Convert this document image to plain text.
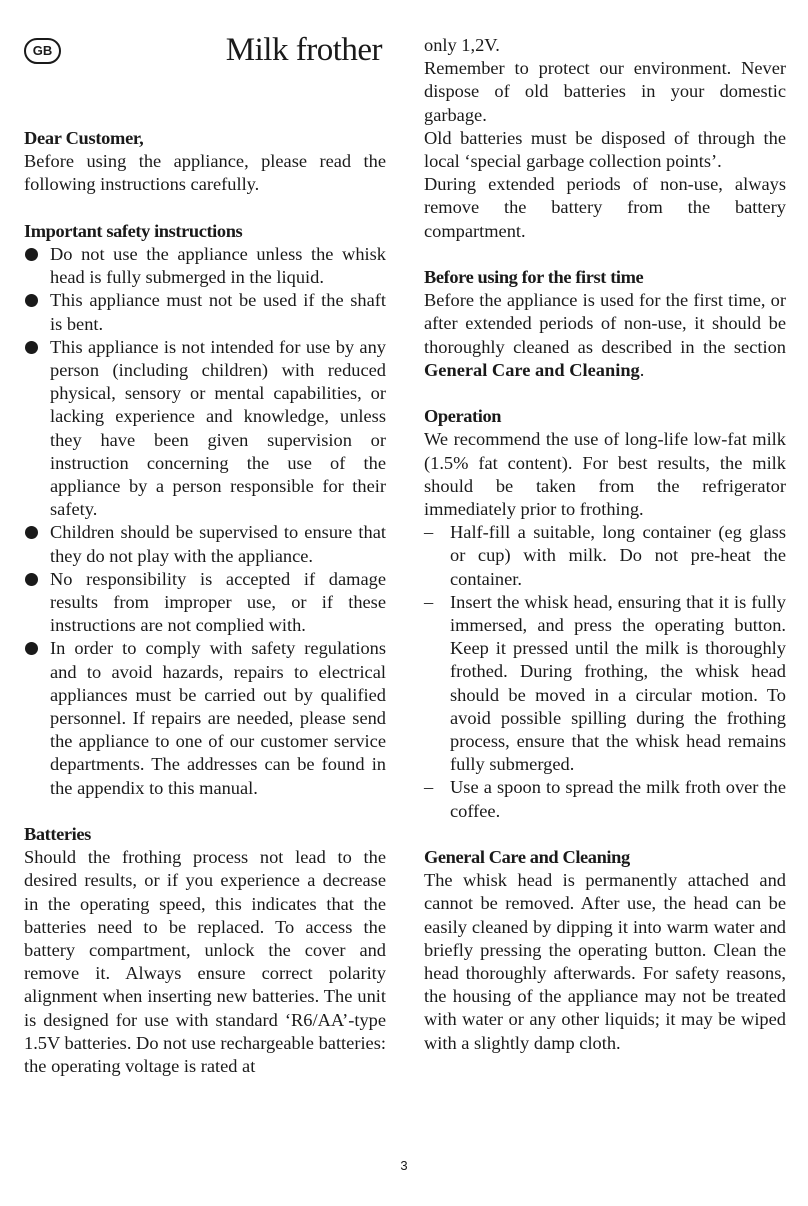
GB	Milk frother

Dear Customer,

Before using the appliance, please read the following instructions carefully.

Important safety instructions
Do not use the appliance unless the whisk head is fully submerged in the liquid.
This appliance must not be used if the shaft is bent.
This appliance is not intended for use by any person (including children) with reduced physical, sensory or mental capabilities, or lacking experience and knowledge, unless they have been given supervision or instruction concerning the use of the appliance by a person responsible for their safety.
Children should be supervised to ensure that they do not play with the appliance.
No responsibility is accepted if damage results from improper use, or if these instructions are not complied with.
In order to comply with safety regulations and to avoid hazards, repairs to electrical appliances must be carried out by qualified personnel. If repairs are needed, please send the appliance to one of our customer service departments. The addresses can be found in the appendix to this manual.
Batteries

Should the frothing process not lead to the desired results, or if you experience a decrease in the operating speed, this indicates that the batteries need to be replaced. To access the battery compartment, unlock the cover and remove it. Always ensure correct polarity alignment when inserting new batteries. The unit is designed for use with standard ‘R6/AA’-type 1.5V batteries. Do not use rechargeable batteries: the operating voltage is rated at

only 1,2V.

Remember to protect our environment. Never dispose of old batteries in your domestic garbage.

Old batteries must be disposed of through the local ‘special garbage collection points’.

During extended periods of non-use, always remove the battery from the battery compartment.

Before using for the first time

Before the appliance is used for the first time, or after extended periods of non-use, it should be thoroughly cleaned as described in the section General Care and Cleaning.

Operation

We recommend the use of long-life low-fat milk (1.5% fat content). For best results, the milk should be taken from the refrigerator immediately prior to frothing.

– Half-fill a suitable, long container (eg glass or cup) with milk. Do not pre-heat the container.
– Insert the whisk head, ensuring that it is fully immersed, and press the operating button. Keep it pressed until the milk is thoroughly frothed. During frothing, the whisk head should be moved in a circular motion. To avoid possible spilling during the frothing process, ensure that the whisk head remains fully submerged.
– Use a spoon to spread the milk froth over the coffee.
General Care and Cleaning

The whisk head is permanently attached and cannot be removed. After use, the head can be easily cleaned by dipping it into warm water and briefly pressing the operating button. Clean the head thoroughly afterwards. For safety reasons, the housing of the appliance may not be treated with water or any other liquids; it may be wiped with a slightly damp cloth.

3
